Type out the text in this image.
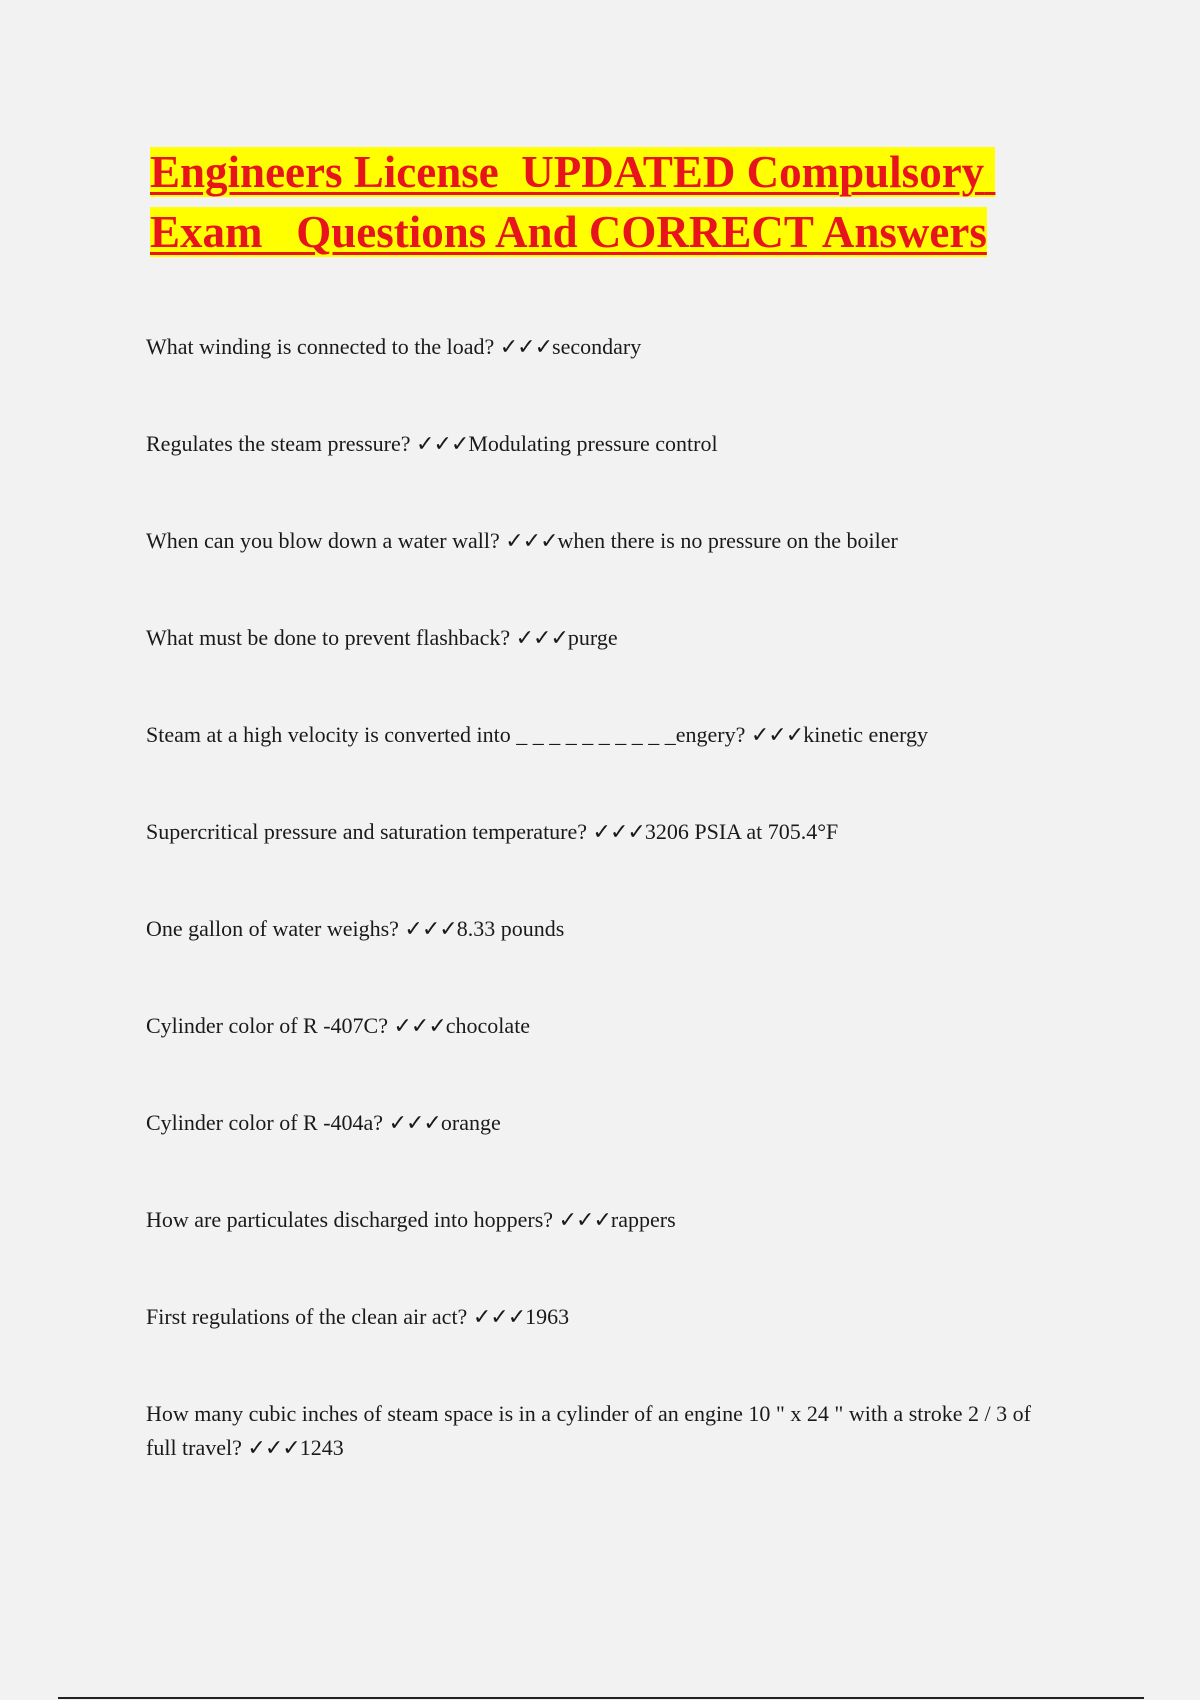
Engineers License  UPDATED Compulsory Exam   Questions And CORRECT Answers

What winding is connected to the load? ✓✓✓secondary

Regulates the steam pressure? ✓✓✓Modulating pressure control

When can you blow down a water wall? ✓✓✓when there is no pressure on the boiler

What must be done to prevent flashback? ✓✓✓purge

Steam at a high velocity is converted into _ _ _ _ _ _ _ _ _ _engery? ✓✓✓kinetic energy

Supercritical pressure and saturation temperature? ✓✓✓3206 PSIA at 705.4°F

One gallon of water weighs? ✓✓✓8.33 pounds

Cylinder color of R -407C? ✓✓✓chocolate

Cylinder color of R -404a? ✓✓✓orange

How are particulates discharged into hoppers? ✓✓✓rappers

First regulations of the clean air act? ✓✓✓1963

How many cubic inches of steam space is in a cylinder of an engine 10 " x 24 " with a stroke 2 / 3 of full travel? ✓✓✓1243
